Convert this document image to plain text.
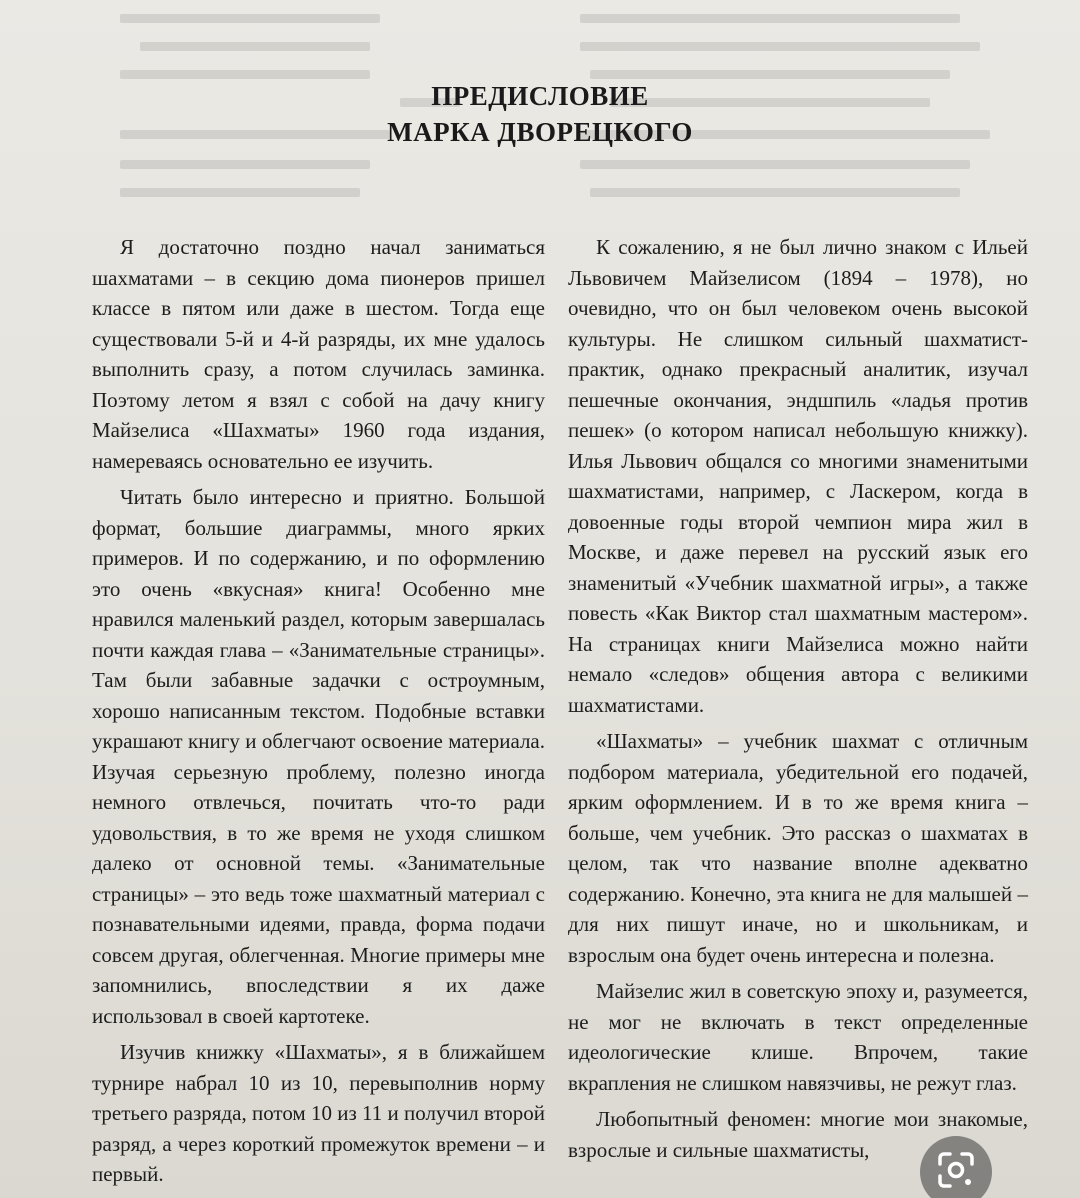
ПРЕДИСЛОВИЕ
МАРКА ДВОРЕЦКОГО

Я достаточно поздно начал заниматься шахматами – в секцию дома пионеров пришел классе в пятом или даже в шестом. Тогда еще существовали 5-й и 4-й разряды, их мне удалось выполнить сразу, а потом случилась заминка. Поэтому летом я взял с собой на дачу книгу Майзелиса «Шахматы» 1960 года издания, намереваясь основательно ее изучить.

Читать было интересно и приятно. Большой формат, большие диаграммы, много ярких примеров. И по содержанию, и по оформлению это очень «вкусная» книга! Особенно мне нравился маленький раздел, которым завершалась почти каждая глава – «Занимательные страницы». Там были забавные задачки с остроумным, хорошо написанным текстом. Подобные вставки украшают книгу и облегчают освоение материала. Изучая серьезную проблему, полезно иногда немного отвлечься, почитать что-то ради удовольствия, в то же время не уходя слишком далеко от основной темы. «Занимательные страницы» – это ведь тоже шахматный материал с познавательными идеями, правда, форма подачи совсем другая, облегченная. Многие примеры мне запомнились, впоследствии я их даже использовал в своей картотеке.

Изучив книжку «Шахматы», я в ближайшем турнире набрал 10 из 10, перевыполнив норму третьего разряда, потом 10 из 11 и получил второй разряд, а через короткий промежуток времени – и первый.

К сожалению, я не был лично знаком с Ильей Львовичем Майзелисом (1894 – 1978), но очевидно, что он был человеком очень высокой культуры. Не слишком сильный шахматист-практик, однако прекрасный аналитик, изучал пешечные окончания, эндшпиль «ладья против пешек» (о котором написал небольшую книжку). Илья Львович общался со многими знаменитыми шахматистами, например, с Ласкером, когда в довоенные годы второй чемпион мира жил в Москве, и даже перевел на русский язык его знаменитый «Учебник шахматной игры», а также повесть «Как Виктор стал шахматным мастером». На страницах книги Майзелиса можно найти немало «следов» общения автора с великими шахматистами.

«Шахматы» – учебник шахмат с отличным подбором материала, убедительной его подачей, ярким оформлением. И в то же время книга – больше, чем учебник. Это рассказ о шахматах в целом, так что название вполне адекватно содержанию. Конечно, эта книга не для малышей – для них пишут иначе, но и школьникам, и взрослым она будет очень интересна и полезна.

Майзелис жил в советскую эпоху и, разумеется, не мог не включать в текст определенные идеологические клише. Впрочем, такие вкрапления не слишком навязчивы, не режут глаз.

Любопытный феномен: многие мои знакомые, взрослые и сильные шахматисты,
